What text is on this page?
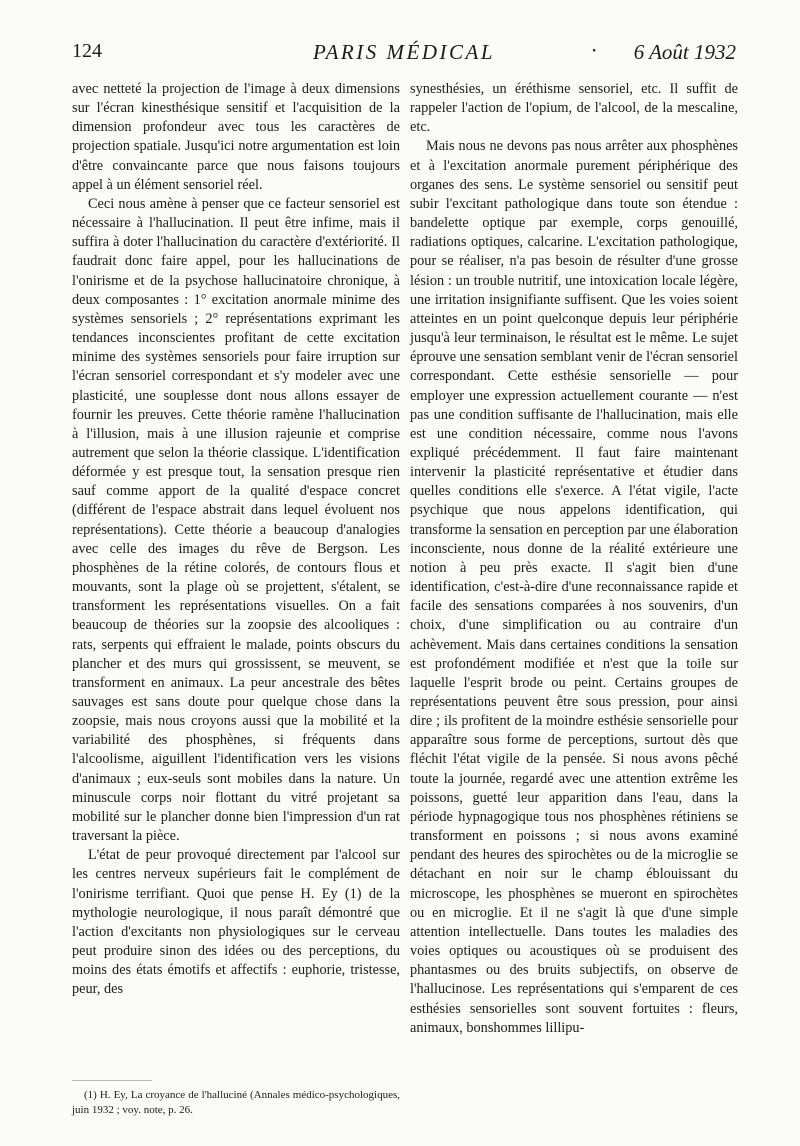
124	PARIS MÉDICAL	· 6 Août 1932

avec netteté la projection de l'image à deux dimensions sur l'écran kinesthésique sensitif et l'acquisition de la dimension profondeur avec tous les caractères de projection spatiale. Jusqu'ici notre argumentation est loin d'être convaincante parce que nous faisons toujours appel à un élément sensoriel réel.

Ceci nous amène à penser que ce facteur sensoriel est nécessaire à l'hallucination. Il peut être infime, mais il suffira à doter l'hallucination du caractère d'extériorité. Il faudrait donc faire appel, pour les hallucinations de l'onirisme et de la psychose hallucinatoire chronique, à deux composantes : 1° excitation anormale minime des systèmes sensoriels ; 2° représentations exprimant les tendances inconscientes profitant de cette excitation minime des systèmes sensoriels pour faire irruption sur l'écran sensoriel correspondant et s'y modeler avec une plasticité, une souplesse dont nous allons essayer de fournir les preuves. Cette théorie ramène l'hallucination à l'illusion, mais à une illusion rajeunie et comprise autrement que selon la théorie classique. L'identification déformée y est presque tout, la sensation presque rien sauf comme apport de la qualité d'espace concret (différent de l'espace abstrait dans lequel évoluent nos représentations). Cette théorie a beaucoup d'analogies avec celle des images du rêve de Bergson. Les phosphènes de la rétine colorés, de contours flous et mouvants, sont la plage où se projettent, s'étalent, se transforment les représentations visuelles. On a fait beaucoup de théories sur la zoopsie des alcooliques : rats, serpents qui effraient le malade, points obscurs du plancher et des murs qui grossissent, se meuvent, se transforment en animaux. La peur ancestrale des bêtes sauvages est sans doute pour quelque chose dans la zoopsie, mais nous croyons aussi que la mobilité et la variabilité des phosphènes, si fréquents dans l'alcoolisme, aiguillent l'identification vers les visions d'animaux ; eux-seuls sont mobiles dans la nature. Un minuscule corps noir flottant du vitré projetant sa mobilité sur le plancher donne bien l'impression d'un rat traversant la pièce.

L'état de peur provoqué directement par l'alcool sur les centres nerveux supérieurs fait le complément de l'onirisme terrifiant. Quoi que pense H. Ey (1) de la mythologie neurologique, il nous paraît démontré que l'action d'excitants non physiologiques sur le cerveau peut produire sinon des idées ou des perceptions, du moins des états émotifs et affectifs : euphorie, tristesse, peur, des

synesthésies, un éréthisme sensoriel, etc. Il suffit de rappeler l'action de l'opium, de l'alcool, de la mescaline, etc.

Mais nous ne devons pas nous arrêter aux phosphènes et à l'excitation anormale purement périphérique des organes des sens. Le système sensoriel ou sensitif peut subir l'excitant pathologique dans toute son étendue : bandelette optique par exemple, corps genouillé, radiations optiques, calcarine. L'excitation pathologique, pour se réaliser, n'a pas besoin de résulter d'une grosse lésion : un trouble nutritif, une intoxication locale légère, une irritation insignifiante suffisent. Que les voies soient atteintes en un point quelconque depuis leur périphérie jusqu'à leur terminaison, le résultat est le même. Le sujet éprouve une sensation semblant venir de l'écran sensoriel correspondant. Cette esthésie sensorielle — pour employer une expression actuellement courante — n'est pas une condition suffisante de l'hallucination, mais elle est une condition nécessaire, comme nous l'avons expliqué précédemment. Il faut faire maintenant intervenir la plasticité représentative et étudier dans quelles conditions elle s'exerce. A l'état vigile, l'acte psychique que nous appelons identification, qui transforme la sensation en perception par une élaboration inconsciente, nous donne de la réalité extérieure une notion à peu près exacte. Il s'agit bien d'une identification, c'est-à-dire d'une reconnaissance rapide et facile des sensations comparées à nos souvenirs, d'un choix, d'une simplification ou au contraire d'un achèvement. Mais dans certaines conditions la sensation est profondément modifiée et n'est que la toile sur laquelle l'esprit brode ou peint. Certains groupes de représentations peuvent être sous pression, pour ainsi dire ; ils profitent de la moindre esthésie sensorielle pour apparaître sous forme de perceptions, surtout dès que fléchit l'état vigile de la pensée. Si nous avons pêché toute la journée, regardé avec une attention extrême les poissons, guetté leur apparition dans l'eau, dans la période hypnagogique tous nos phosphènes rétiniens se transforment en poissons ; si nous avons examiné pendant des heures des spirochètes ou de la microglie se détachant en noir sur le champ éblouissant du microscope, les phosphènes se mueront en spirochètes ou en microglie. Et il ne s'agit là que d'une simple attention intellectuelle. Dans toutes les maladies des voies optiques ou acoustiques où se produisent des phantasmes ou des bruits subjectifs, on observe de l'hallucinose. Les représentations qui s'emparent de ces esthésies sensorielles sont souvent fortuites : fleurs, animaux, bonshommes lillipu-

(1) H. Ey, La croyance de l'halluciné (Annales médico-psychologiques, juin 1932 ; voy. note, p. 26.
